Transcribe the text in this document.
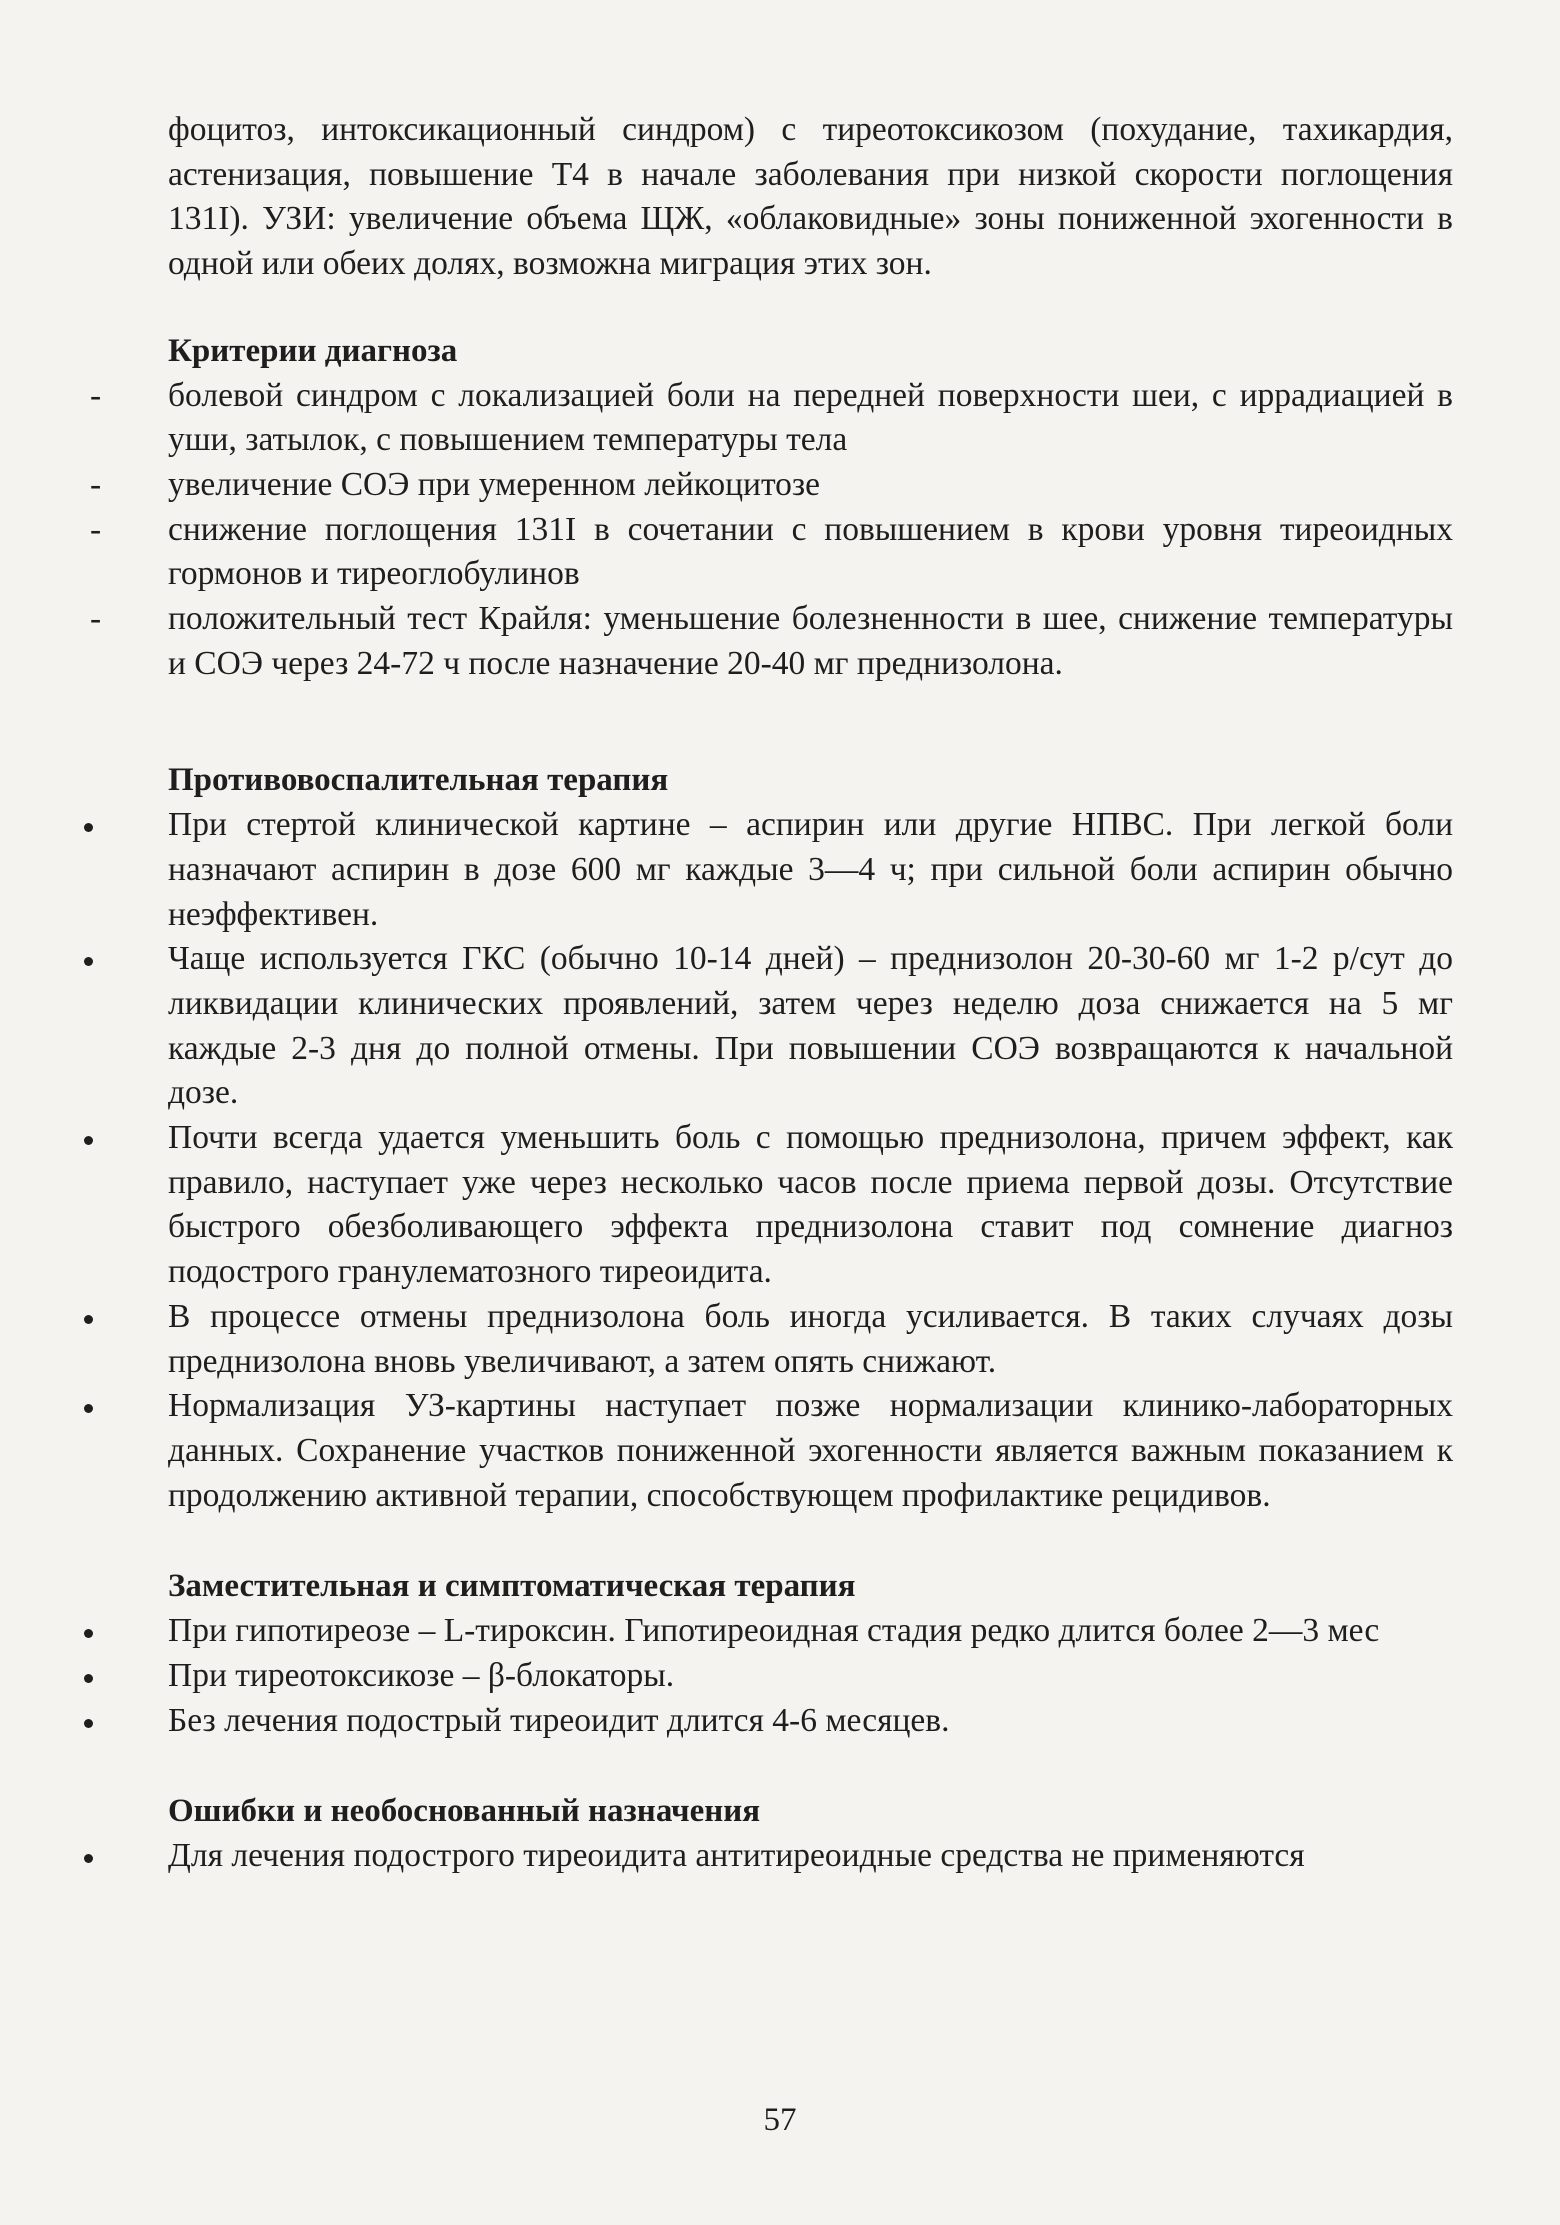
фоцитоз, интоксикационный синдром) с тиреотоксикозом (похудание, тахикардия, астенизация, повышение Т4 в начале заболевания при низкой скорости поглощения 131I). УЗИ: увеличение объема ЩЖ, «облаковидные» зоны пониженной эхогенности в одной или обеих долях, возможна миграция этих зон.

Критерии диагноза
- болевой синдром с локализацией боли на передней поверхности шеи, с иррадиацией в уши, затылок, с повышением температуры тела
- увеличение СОЭ при умеренном лейкоцитозе
- снижение поглощения 131I в сочетании с повышением в крови уровня тиреоидных гормонов и тиреоглобулинов
- положительный тест Крайля: уменьшение болезненности в шее, снижение температуры и СОЭ через 24-72 ч после назначение 20-40 мг преднизолона.
Противовоспалительная терапия
При стертой клинической картине – аспирин или другие НПВС. При легкой боли назначают аспирин в дозе 600 мг каждые 3—4 ч; при сильной боли аспирин обычно неэффективен.
Чаще используется ГКС (обычно 10-14 дней) – преднизолон 20-30-60 мг 1-2 р/сут до ликвидации клинических проявлений, затем через неделю доза снижается на 5 мг каждые 2-3 дня до полной отмены. При повышении СОЭ возвращаются к начальной дозе.
Почти всегда удается уменьшить боль с помощью преднизолона, причем эффект, как правило, наступает уже через несколько часов после приема первой дозы. Отсутствие быстрого обезболивающего эффекта преднизолона ставит под сомнение диагноз подострого гранулематозного тиреоидита.
В процессе отмены преднизолона боль иногда усиливается. В таких случаях дозы преднизолона вновь увеличивают, а затем опять снижают.
Нормализация УЗ-картины наступает позже нормализации клинико-лабораторных данных. Сохранение участков пониженной эхогенности является важным показанием к продолжению активной терапии, способствующем профилактике рецидивов.
Заместительная и симптоматическая терапия
При гипотиреозе – L-тироксин. Гипотиреоидная стадия редко длится более 2—3 мес
При тиреотоксикозе – β-блокаторы.
Без лечения подострый тиреоидит длится 4-6 месяцев.
Ошибки и необоснованный назначения
Для лечения подострого тиреоидита антитиреоидные средства не применяются
57
